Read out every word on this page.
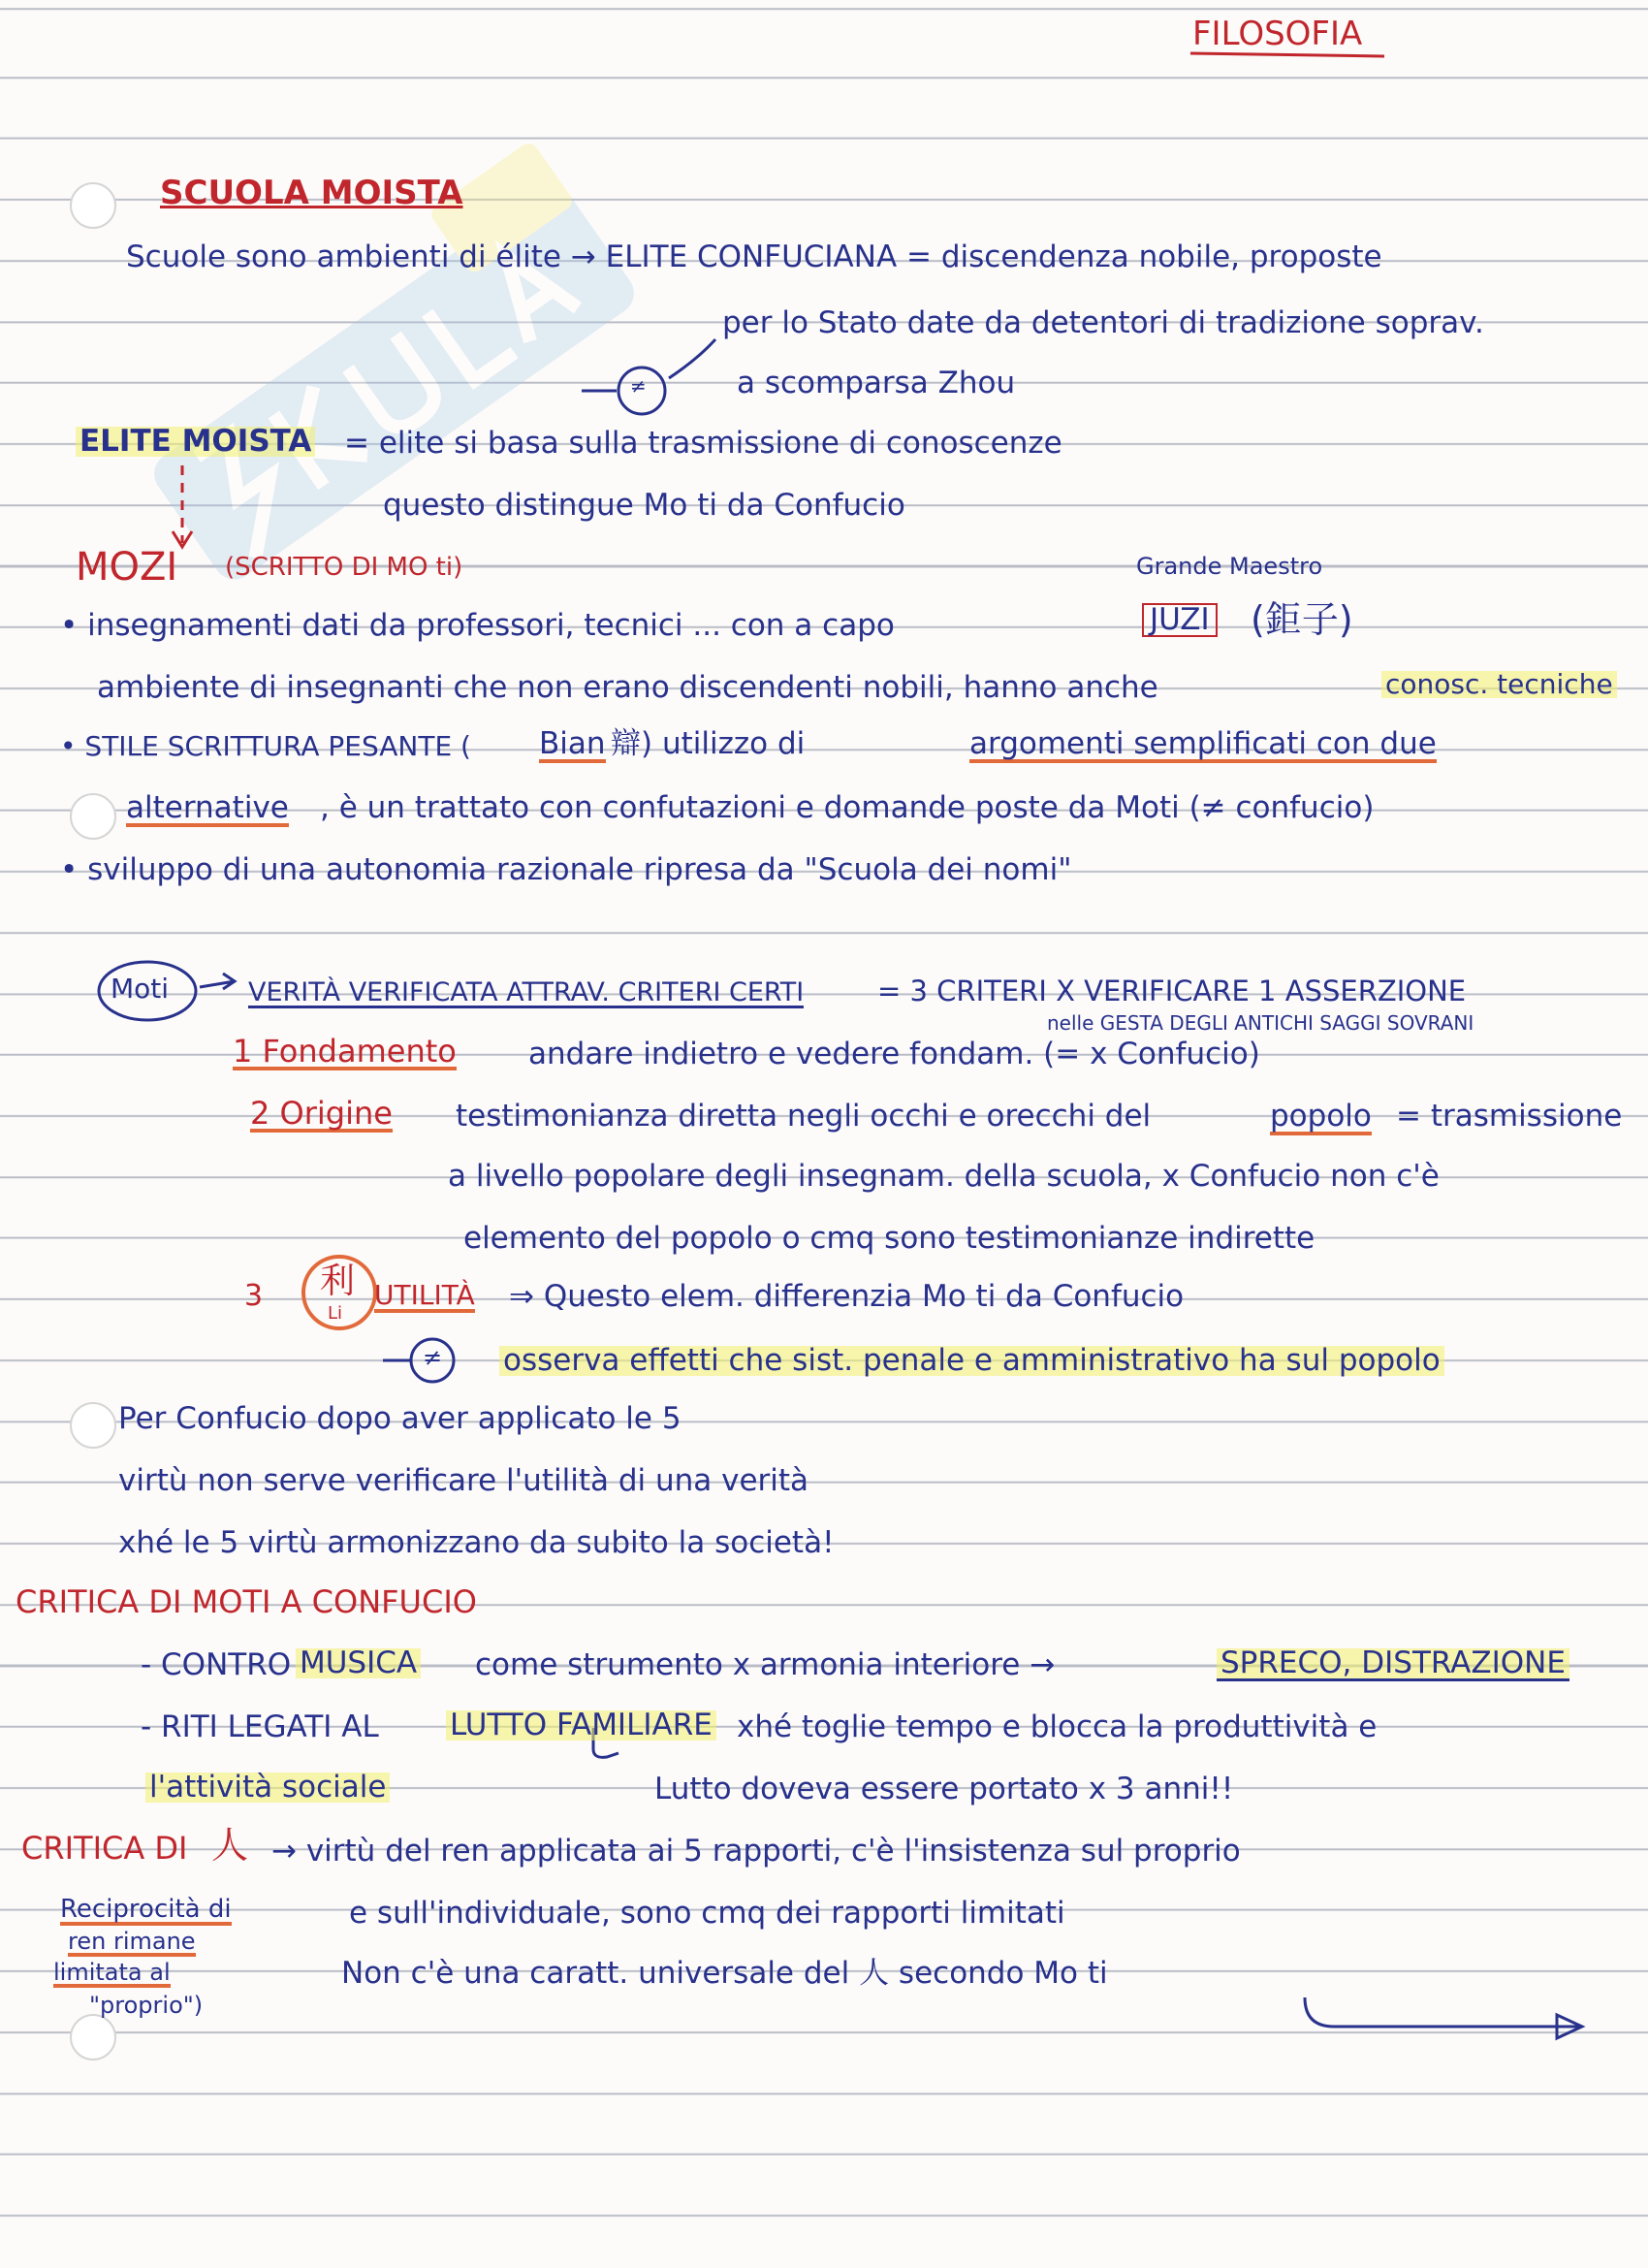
FILOSOFIA
SCUOLA MOISTA
Scuole sono ambienti di élite → ELITE CONFUCIANA = discendenza nobile, proposte
per lo Stato date da detentori di tradizione soprav.
≠	a scomparsa Zhou
ELITE MOISTA = elite si basa sulla trasmissione di conoscenze
questo distingue Mo ti da Confucio
MOZI (SCRITTO DI MO ti)	Grande Maestro
• insegnamenti dati da professori, tecnici ... con a capo	JUZI (鉅子)
ambiente di insegnanti che non erano discendenti nobili, hanno anche	conosc. tecniche
• STILE SCRITTURA PESANTE ( Bian 辯) utilizzo di	argomenti semplificati con due
alternative , è un trattato con confutazioni e domande poste da Moti (≠ confucio)
• sviluppo di una autonomia razionale ripresa da "Scuola dei nomi"
Moti	VERITÀ VERIFICATA ATTRAV. CRITERI CERTI	= 3 CRITERI X VERIFICARE 1 ASSERZIONE
nelle GESTA DEGLI ANTICHI SAGGI SOVRANI
1 Fondamento andare indietro e vedere fondam. (= x Confucio)
2 Origine testimonianza diretta negli occhi e orecchi del	popolo = trasmissione
a livello popolare degli insegnam. della scuola, x Confucio non c'è
elemento del popolo o cmq sono testimonianze indirette
3 利
Li
UTILITÀ ⇒ Questo elem. differenzia Mo ti da Confucio
≠ osserva effetti che sist. penale e amministrativo ha sul popolo
Per Confucio dopo aver applicato le 5
virtù non serve verificare l'utilità di una verità
xhé le 5 virtù armonizzano da subito la società!
CRITICA DI MOTI A CONFUCIO
- CONTRO MUSICA come strumento x armonia interiore →	SPRECO, DISTRAZIONE
- RITI LEGATI AL LUTTO FAMILIARE xhé toglie tempo e blocca la produttività e
l'attività sociale	Lutto doveva essere portato x 3 anni!!
CRITICA DI 人 → virtù del ren applicata ai 5 rapporti, c'è l'insistenza sul proprio
Reciprocità di
ren rimane
limitata al
"proprio")
e sull'individuale, sono cmq dei rapporti limitati
Non c'è una caratt. universale del 人 secondo Mo ti
